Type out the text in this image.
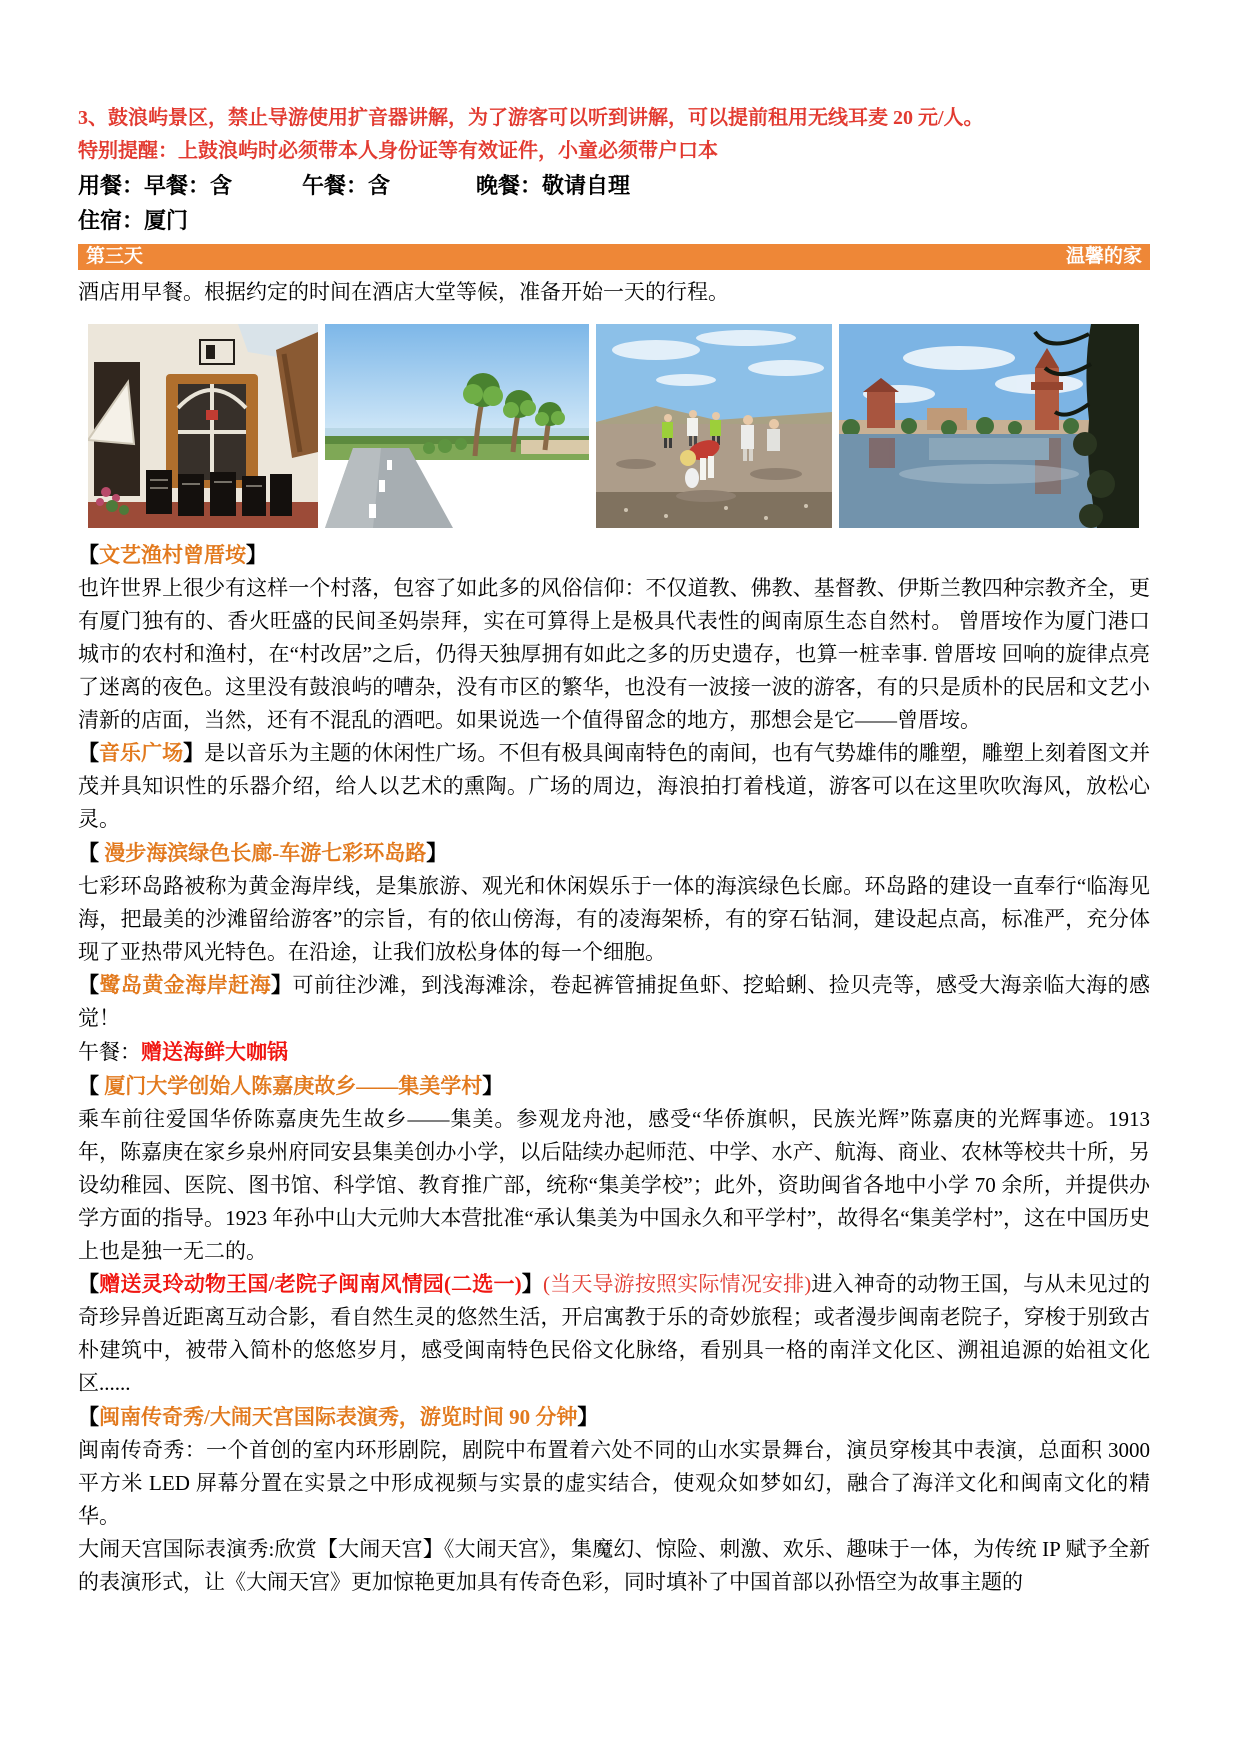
3、鼓浪屿景区，禁止导游使用扩音器讲解，为了游客可以听到讲解，可以提前租用无线耳麦 20 元/人。

特别提醒：上鼓浪屿时必须带本人身份证等有效证件，小童必须带户口本

用餐：早餐：含	午餐：含	晚餐：敬请自理

住宿：厦门

第三天	温馨的家

酒店用早餐。根据约定的时间在酒店大堂等候，准备开始一天的行程。

【文艺渔村曾厝垵】

也许世界上很少有这样一个村落，包容了如此多的风俗信仰：不仅道教、佛教、基督教、伊斯兰教四种宗教齐全，更有厦门独有的、香火旺盛的民间圣妈崇拜，实在可算得上是极具代表性的闽南原生态自然村。 曾厝垵作为厦门港口城市的农村和渔村，在“村改居”之后，仍得天独厚拥有如此之多的历史遗存，也算一桩幸事. 曾厝垵 回响的旋律点亮了迷离的夜色。这里没有鼓浪屿的嘈杂，没有市区的繁华，也没有一波接一波的游客，有的只是质朴的民居和文艺小清新的店面，当然，还有不混乱的酒吧。如果说选一个值得留念的地方，那想会是它——曾厝垵。

【音乐广场】是以音乐为主题的休闲性广场。不但有极具闽南特色的南间，也有气势雄伟的雕塑，雕塑上刻着图文并茂并具知识性的乐器介绍，给人以艺术的熏陶。广场的周边，海浪拍打着栈道，游客可以在这里吹吹海风，放松心灵。

【 漫步海滨绿色长廊-车游七彩环岛路】

七彩环岛路被称为黄金海岸线，是集旅游、观光和休闲娱乐于一体的海滨绿色长廊。环岛路的建设一直奉行“临海见海，把最美的沙滩留给游客”的宗旨，有的依山傍海，有的凌海架桥，有的穿石钻洞，建设起点高，标准严，充分体现了亚热带风光特色。在沿途，让我们放松身体的每一个细胞。

【鹭岛黄金海岸赶海】可前往沙滩，到浅海滩涂，卷起裤管捕捉鱼虾、挖蛤蜊、捡贝壳等，感受大海亲临大海的感觉！

午餐：赠送海鲜大咖锅

【 厦门大学创始人陈嘉庚故乡——集美学村】

乘车前往爱国华侨陈嘉庚先生故乡——集美。参观龙舟池，感受“华侨旗帜，民族光辉”陈嘉庚的光辉事迹。1913 年，陈嘉庚在家乡泉州府同安县集美创办小学，以后陆续办起师范、中学、水产、航海、商业、农林等校共十所，另设幼稚园、医院、图书馆、科学馆、教育推广部，统称“集美学校”；此外，资助闽省各地中小学 70 余所，并提供办学方面的指导。1923 年孙中山大元帅大本营批准“承认集美为中国永久和平学村”，故得名“集美学村”，这在中国历史上也是独一无二的。

【赠送灵玲动物王国/老院子闽南风情园(二选一)】(当天导游按照实际情况安排)进入神奇的动物王国，与从未见过的奇珍异兽近距离互动合影，看自然生灵的悠然生活，开启寓教于乐的奇妙旅程；或者漫步闽南老院子，穿梭于别致古朴建筑中，被带入简朴的悠悠岁月，感受闽南特色民俗文化脉络，看别具一格的南洋文化区、溯祖追源的始祖文化区......

【闽南传奇秀/大闹天宫国际表演秀，游览时间 90 分钟】

闽南传奇秀：一个首创的室内环形剧院，剧院中布置着六处不同的山水实景舞台，演员穿梭其中表演，总面积 3000 平方米 LED 屏幕分置在实景之中形成视频与实景的虚实结合，使观众如梦如幻，融合了海洋文化和闽南文化的精华。

大闹天宫国际表演秀:欣赏【大闹天宫】《大闹天宫》，集魔幻、惊险、刺激、欢乐、趣味于一体，为传统 IP 赋予全新的表演形式，让《大闹天宫》更加惊艳更加具有传奇色彩，同时填补了中国首部以孙悟空为故事主题的
